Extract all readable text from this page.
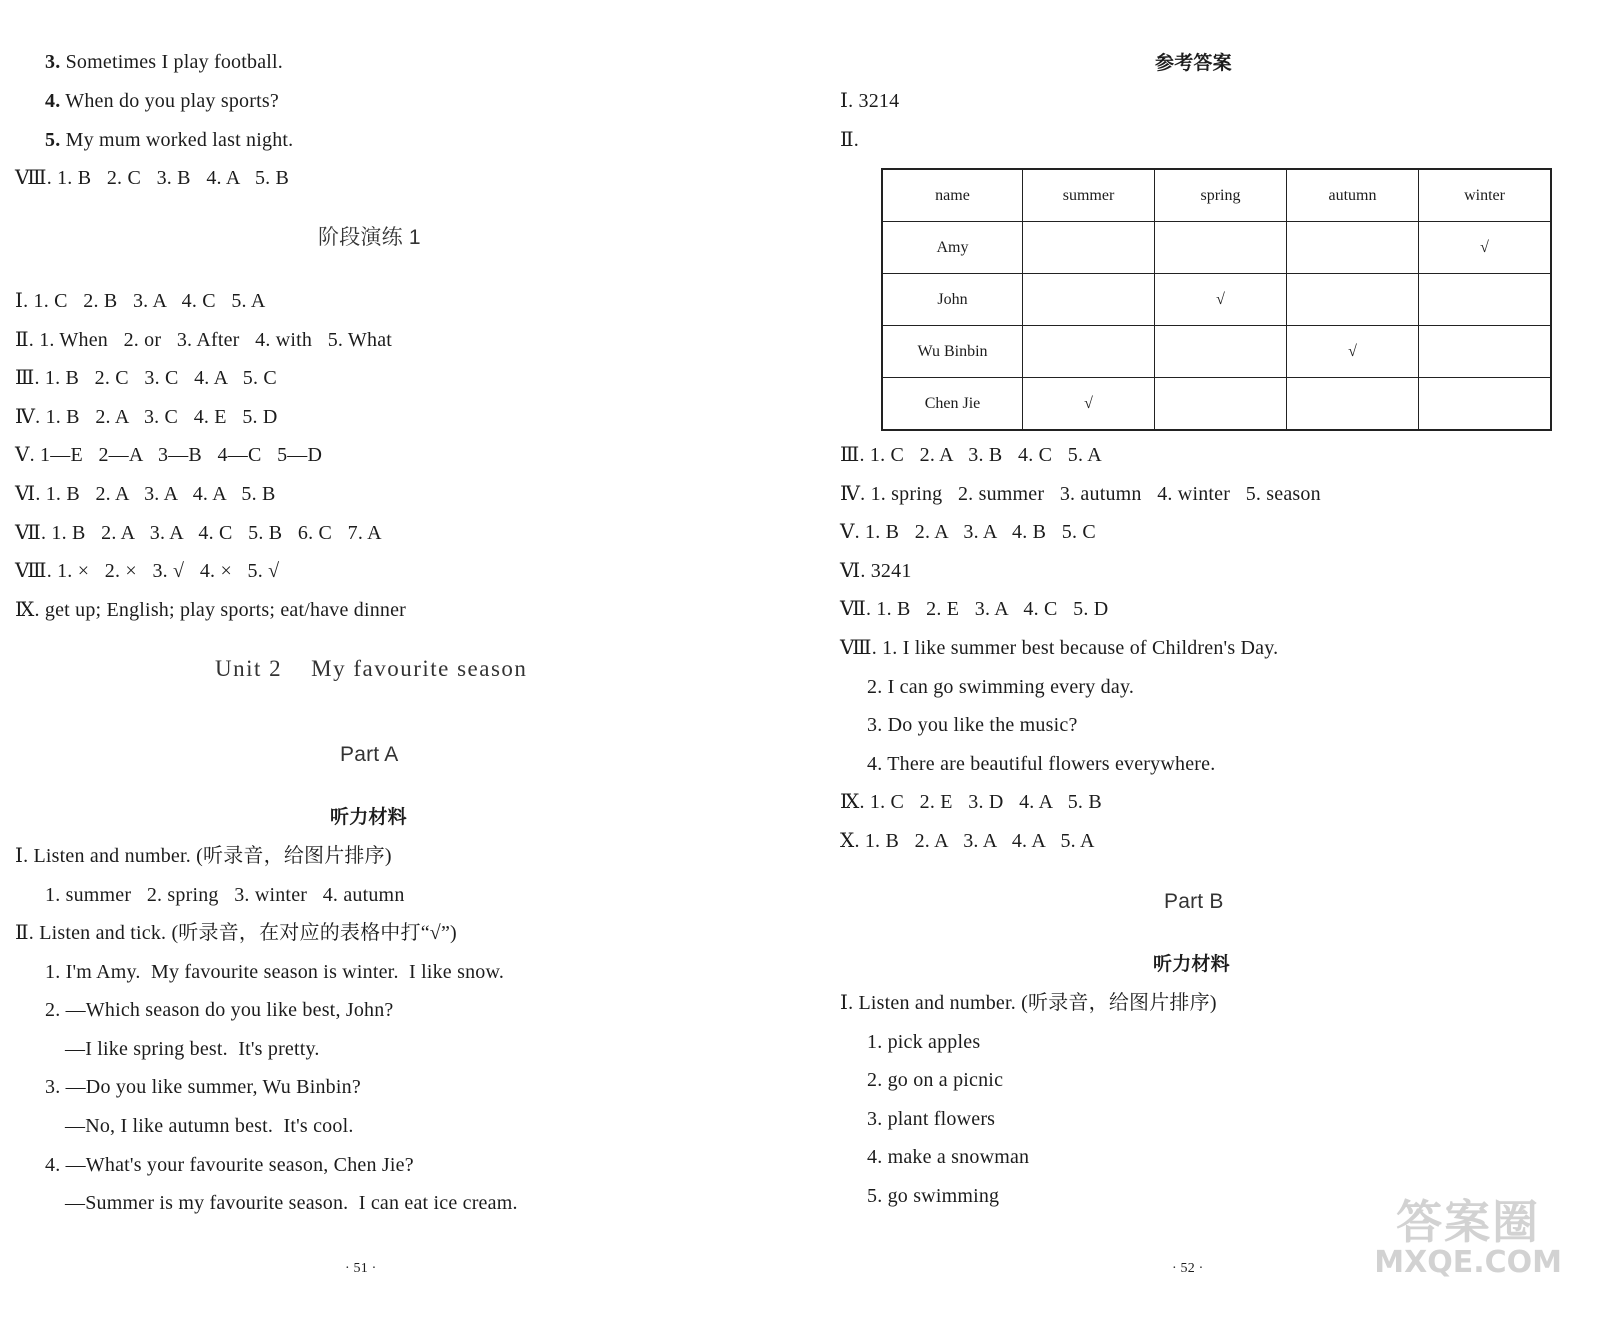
3. Sometimes I play football.
4. When do you play sports?
5. My mum worked last night.
Ⅷ. 1. B   2. C   3. B   4. A   5. B
阶段演练 1
Ⅰ. 1. C   2. B   3. A   4. C   5. A
Ⅱ. 1. When   2. or   3. After   4. with   5. What
Ⅲ. 1. B   2. C   3. C   4. A   5. C
Ⅳ. 1. B   2. A   3. C   4. E   5. D
Ⅴ. 1—E   2—A   3—B   4—C   5—D
Ⅵ. 1. B   2. A   3. A   4. A   5. B
Ⅶ. 1. B   2. A   3. A   4. C   5. B   6. C   7. A
Ⅷ. 1. ×   2. ×   3. √   4. ×   5. √
Ⅸ. get up; English; play sports; eat/have dinner
Unit 2    My favourite season
Part A
听力材料
Ⅰ. Listen and number. (听录音，给图片排序)
1. summer   2. spring   3. winter   4. autumn
Ⅱ. Listen and tick. (听录音，在对应的表格中打“√”)
1. I'm Amy.  My favourite season is winter.  I like snow.
2. —Which season do you like best, John?
—I like spring best.  It's pretty.
3. —Do you like summer, Wu Binbin?
—No, I like autumn best.  It's cool.
4. —What's your favourite season, Chen Jie?
—Summer is my favourite season.  I can eat ice cream.
· 51 ·
参考答案
Ⅰ. 3214
Ⅱ.
name	summer	spring	autumn	winter
Amy				√
John		√		
Wu Binbin			√	
Chen Jie	√			
Ⅲ. 1. C   2. A   3. B   4. C   5. A
Ⅳ. 1. spring   2. summer   3. autumn   4. winter   5. season
Ⅴ. 1. B   2. A   3. A   4. B   5. C
Ⅵ. 3241
Ⅶ. 1. B   2. E   3. A   4. C   5. D
Ⅷ. 1. I like summer best because of Children's Day.
2. I can go swimming every day.
3. Do you like the music?
4. There are beautiful flowers everywhere.
Ⅸ. 1. C   2. E   3. D   4. A   5. B
Ⅹ. 1. B   2. A   3. A   4. A   5. A
Part B
听力材料
Ⅰ. Listen and number. (听录音，给图片排序)
1. pick apples
2. go on a picnic
3. plant flowers
4. make a snowman
5. go swimming
· 52 ·
答案圈
MXQE.COM
